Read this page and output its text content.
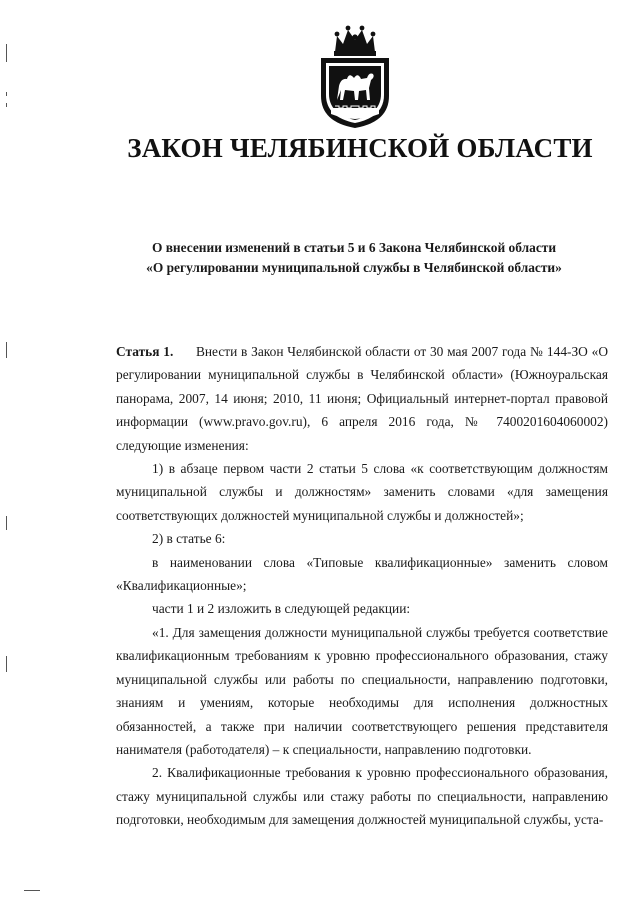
ЗАКОН ЧЕЛЯБИНСКОЙ ОБЛАСТИ
О внесении изменений в статьи 5 и 6 Закона Челябинской области
«О регулировании муниципальной службы в Челябинской области»

Статья 1. Внести в Закон Челябинской области от 30 мая 2007 года № 144-ЗО «О регулировании муниципальной службы в Челябинской области» (Южноуральская панорама, 2007, 14 июня; 2010, 11 июня; Официальный интернет-портал правовой информации (www.pravo.gov.ru), 6 апреля 2016 года, № 7400201604060002) следующие изменения:

1) в абзаце первом части 2 статьи 5 слова «к соответствующим должностям муниципальной службы и должностям» заменить словами «для замещения соответствующих должностей муниципальной службы и должностей»;

2) в статье 6:

в наименовании слова «Типовые квалификационные» заменить словом «Квалификационные»;

части 1 и 2 изложить в следующей редакции:

«1. Для замещения должности муниципальной службы требуется соответствие квалификационным требованиям к уровню профессионального образования, стажу муниципальной службы или работы по специальности, направлению подготовки, знаниям и умениям, которые необходимы для исполнения должностных обязанностей, а также при наличии соответствующего решения представителя нанимателя (работодателя) – к специальности, направлению подготовки.

2. Квалификационные требования к уровню профессионального образования, стажу муниципальной службы или стажу работы по специальности, направлению подготовки, необходимым для замещения должностей муниципальной службы, уста-
